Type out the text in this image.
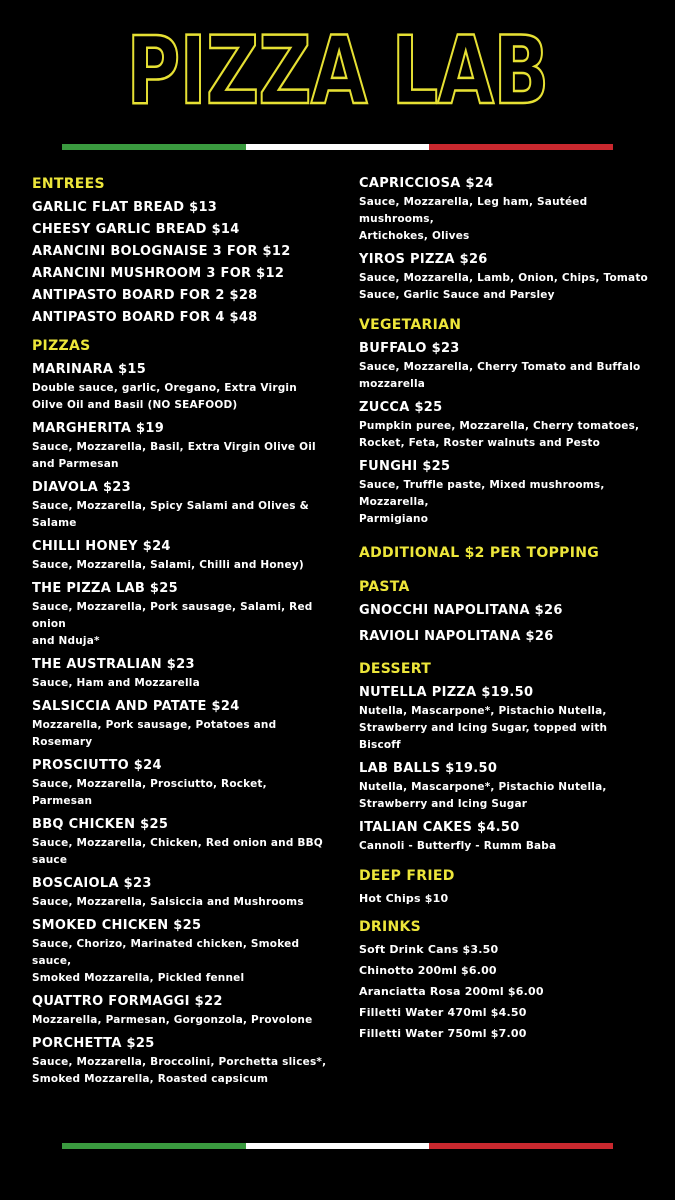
PIZZA LAB
ENTREES
GARLIC FLAT BREAD $13
CHEESY GARLIC BREAD $14
ARANCINI BOLOGNAISE 3 FOR $12
ARANCINI MUSHROOM 3 FOR $12
ANTIPASTO BOARD FOR 2 $28
ANTIPASTO BOARD FOR 4 $48
PIZZAS
MARINARA $15
Double sauce, garlic, Oregano, Extra Virgin
Oilve Oil and Basil (NO SEAFOOD)
MARGHERITA $19
Sauce, Mozzarella, Basil, Extra Virgin Olive Oil
and Parmesan
DIAVOLA $23
Sauce, Mozzarella, Spicy Salami and Olives &
Salame
CHILLI HONEY $24
Sauce, Mozzarella, Salami, Chilli and Honey)
THE PIZZA LAB $25
Sauce, Mozzarella, Pork sausage, Salami, Red
onion
and Nduja*
THE AUSTRALIAN $23
Sauce, Ham and Mozzarella
SALSICCIA AND PATATE $24
Mozzarella, Pork sausage, Potatoes and
Rosemary
PROSCIUTTO $24
Sauce, Mozzarella, Prosciutto, Rocket,
Parmesan
BBQ CHICKEN $25
Sauce, Mozzarella, Chicken, Red onion and BBQ
sauce
BOSCAIOLA $23
Sauce, Mozzarella, Salsiccia and Mushrooms
SMOKED CHICKEN $25
Sauce, Chorizo, Marinated chicken, Smoked
sauce,
Smoked Mozzarella, Pickled fennel
QUATTRO FORMAGGI $22
Mozzarella, Parmesan, Gorgonzola, Provolone
PORCHETTA $25
Sauce, Mozzarella, Broccolini, Porchetta slices*,
Smoked Mozzarella, Roasted capsicum
CAPRICCIOSA $24
Sauce, Mozzarella, Leg ham, Sautéed
mushrooms,
Artichokes, Olives
YIROS PIZZA $26
Sauce, Mozzarella, Lamb, Onion, Chips, Tomato
Sauce, Garlic Sauce and Parsley
VEGETARIAN
BUFFALO $23
Sauce, Mozzarella, Cherry Tomato and Buffalo
mozzarella
ZUCCA $25
Pumpkin puree, Mozzarella, Cherry tomatoes,
Rocket, Feta, Roster walnuts and Pesto
FUNGHI $25
Sauce, Truffle paste, Mixed mushrooms,
Mozzarella,
Parmigiano
ADDITIONAL $2 PER TOPPING
PASTA
GNOCCHI NAPOLITANA $26
RAVIOLI NAPOLITANA $26
DESSERT
NUTELLA PIZZA $19.50
Nutella, Mascarpone*, Pistachio Nutella,
Strawberry and Icing Sugar, topped with
Biscoff
LAB BALLS $19.50
Nutella, Mascarpone*, Pistachio Nutella,
Strawberry and Icing Sugar
ITALIAN CAKES $4.50
Cannoli - Butterfly - Rumm Baba
DEEP FRIED
Hot Chips $10
DRINKS
Soft Drink Cans $3.50
Chinotto 200ml $6.00
Aranciatta Rosa 200ml $6.00
Filletti Water 470ml $4.50
Filletti Water 750ml $7.00
